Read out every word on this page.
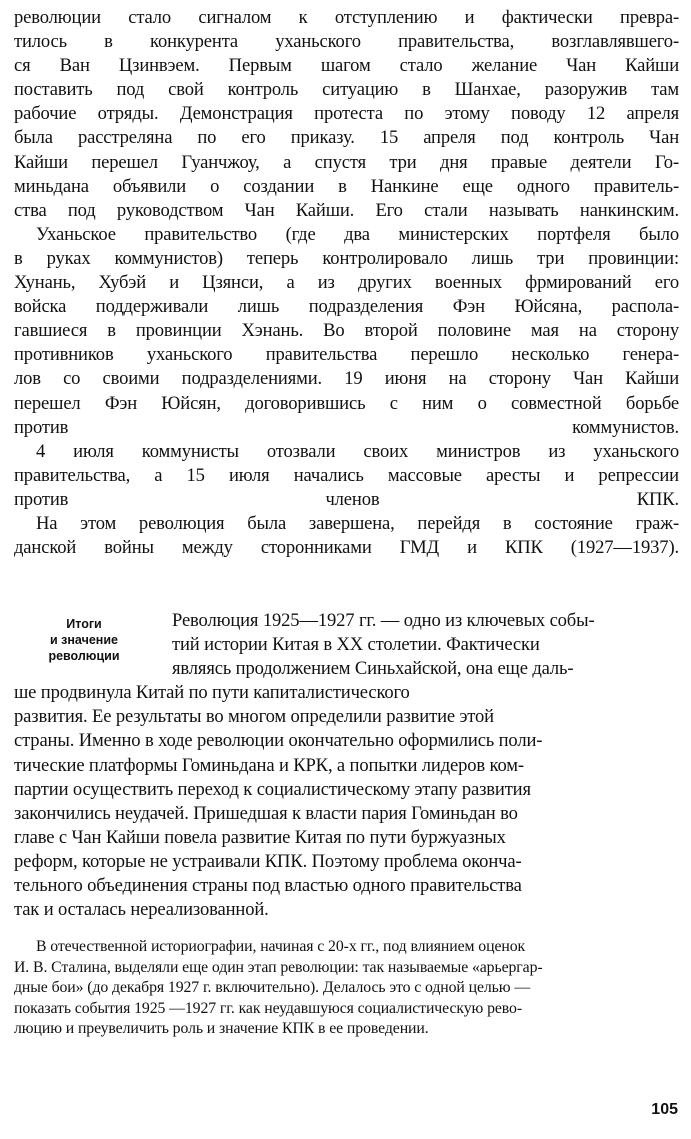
революции стало сигналом к отступлению и фактически превра-
тилось в конкурента уханьского правительства, возглавлявшего-
ся Ван Цзинвэем. Первым шагом стало желание Чан Кайши
поставить под свой контроль ситуацию в Шанхае, разоружив там
рабочие отряды. Демонстрация протеста по этому поводу 12 апреля
была расстреляна по его приказу. 15 апреля под контроль Чан
Кайши перешел Гуанчжоу, а спустя три дня правые деятели Го-
миньдана объявили о создании в Нанкине еще одного правитель-
ства под руководством Чан Кайши. Его стали называть нанкинским.

Уханьское правительство (где два министерских портфеля было
в руках коммунистов) теперь контролировало лишь три провинции:
Хунань, Хубэй и Цзянси, а из других военных фрмирований его
войска поддерживали лишь подразделения Фэн Юйсяна, распола-
гавшиеся в провинции Хэнань. Во второй половине мая на сторону
противников уханьского правительства перешло несколько генера-
лов со своими подразделениями. 19 июня на сторону Чан Кайши
перешел Фэн Юйсян, договорившись с ним о совместной борьбе
против коммунистов.

4 июля коммунисты отозвали своих министров из уханьского
правительства, а 15 июля начались массовые аресты и репрессии
против членов КПК.

На этом революция была завершена, перейдя в состояние граж-
данской войны между сторонниками ГМД и КПК (1927—1937).

Итоги
и значение
революции

Революция 1925—1927 гг. — одно из ключевых собы-
тий истории Китая в XX столетии. Фактически
являясь продолжением Синьхайской, она еще даль-
ше продвинула Китай по пути капиталистического
развития. Ее результаты во многом определили развитие этой
страны. Именно в ходе революции окончательно оформились поли-
тические платформы Гоминьдана и КРК, а попытки лидеров ком-
партии осуществить переход к социалистическому этапу развития
закончились неудачей. Пришедшая к власти пария Гоминьдан во
главе с Чан Кайши повела развитие Китая по пути буржуазных
реформ, которые не устраивали КПК. Поэтому проблема оконча-
тельного объединения страны под властью одного правительства
так и осталась нереализованной.

В отечественной историографии, начиная с 20-х гг., под влиянием оценок
И. В. Сталина, выделяли еще один этап революции: так называемые «арьергар-
дные бои» (до декабря 1927 г. включительно). Делалось это с одной целью —
показать события 1925 —1927 гг. как неудавшуюся социалистическую рево-
люцию и преувеличить роль и значение КПК в ее проведении.

105
